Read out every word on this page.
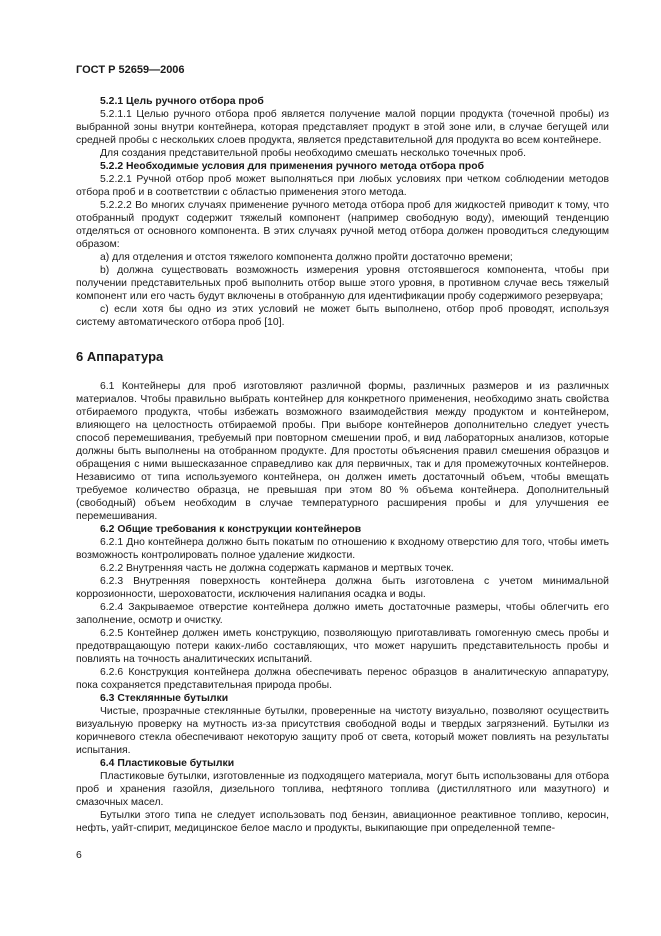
ГОСТ Р 52659—2006

5.2.1 Цель ручного отбора проб

5.2.1.1 Целью ручного отбора проб является получение малой порции продукта (точечной пробы) из выбранной зоны внутри контейнера, которая представляет продукт в этой зоне или, в случае бегущей или средней пробы с нескольких слоев продукта, является представительной для продукта во всем контейнере.

Для создания представительной пробы необходимо смешать несколько точечных проб.

5.2.2 Необходимые условия для применения ручного метода отбора проб

5.2.2.1 Ручной отбор проб может выполняться при любых условиях при четком соблюдении методов отбора проб и в соответствии с областью применения этого метода.

5.2.2.2 Во многих случаях применение ручного метода отбора проб для жидкостей приводит к тому, что отобранный продукт содержит тяжелый компонент (например свободную воду), имеющий тенденцию отделяться от основного компонента. В этих случаях ручной метод отбора должен проводиться следующим образом:

а) для отделения и отстоя тяжелого компонента должно пройти достаточно времени;

b) должна существовать возможность измерения уровня отстоявшегося компонента, чтобы при получении представительных проб выполнить отбор выше этого уровня, в противном случае весь тяжелый компонент или его часть будут включены в отобранную для идентификации пробу содержимого резервуара;

с) если хотя бы одно из этих условий не может быть выполнено, отбор проб проводят, используя систему автоматического отбора проб [10].

6 Аппаратура

6.1 Контейнеры для проб изготовляют различной формы, различных размеров и из различных материалов. Чтобы правильно выбрать контейнер для конкретного применения, необходимо знать свойства отбираемого продукта, чтобы избежать возможного взаимодействия между продуктом и контейнером, влияющего на целостность отбираемой пробы. При выборе контейнеров дополнительно следует учесть способ перемешивания, требуемый при повторном смешении проб, и вид лабораторных анализов, которые должны быть выполнены на отобранном продукте. Для простоты объяснения правил смешения образцов и обращения с ними вышесказанное справедливо как для первичных, так и для промежуточных контейнеров. Независимо от типа используемого контейнера, он должен иметь достаточный объем, чтобы вмещать требуемое количество образца, не превышая при этом 80 % объема контейнера. Дополнительный (свободный) объем необходим в случае температурного расширения пробы и для улучшения ее перемешивания.

6.2 Общие требования к конструкции контейнеров

6.2.1 Дно контейнера должно быть покатым по отношению к входному отверстию для того, чтобы иметь возможность контролировать полное удаление жидкости.

6.2.2 Внутренняя часть не должна содержать карманов и мертвых точек.

6.2.3 Внутренняя поверхность контейнера должна быть изготовлена с учетом минимальной коррозионности, шероховатости, исключения налипания осадка и воды.

6.2.4 Закрываемое отверстие контейнера должно иметь достаточные размеры, чтобы облегчить его заполнение, осмотр и очистку.

6.2.5 Контейнер должен иметь конструкцию, позволяющую приготавливать гомогенную смесь пробы и предотвращающую потери каких-либо составляющих, что может нарушить представительность пробы и повлиять на точность аналитических испытаний.

6.2.6 Конструкция контейнера должна обеспечивать перенос образцов в аналитическую аппаратуру, пока сохраняется представительная природа пробы.

6.3 Стеклянные бутылки

Чистые, прозрачные стеклянные бутылки, проверенные на чистоту визуально, позволяют осуществить визуальную проверку на мутность из-за присутствия свободной воды и твердых загрязнений. Бутылки из коричневого стекла обеспечивают некоторую защиту проб от света, который может повлиять на результаты испытания.

6.4 Пластиковые бутылки

Пластиковые бутылки, изготовленные из подходящего материала, могут быть использованы для отбора проб и хранения газойля, дизельного топлива, нефтяного топлива (дистиллятного или мазутного) и смазочных масел.

Бутылки этого типа не следует использовать под бензин, авиационное реактивное топливо, керосин, нефть, уайт-спирит, медицинское белое масло и продукты, выкипающие при определенной темпе-

6
